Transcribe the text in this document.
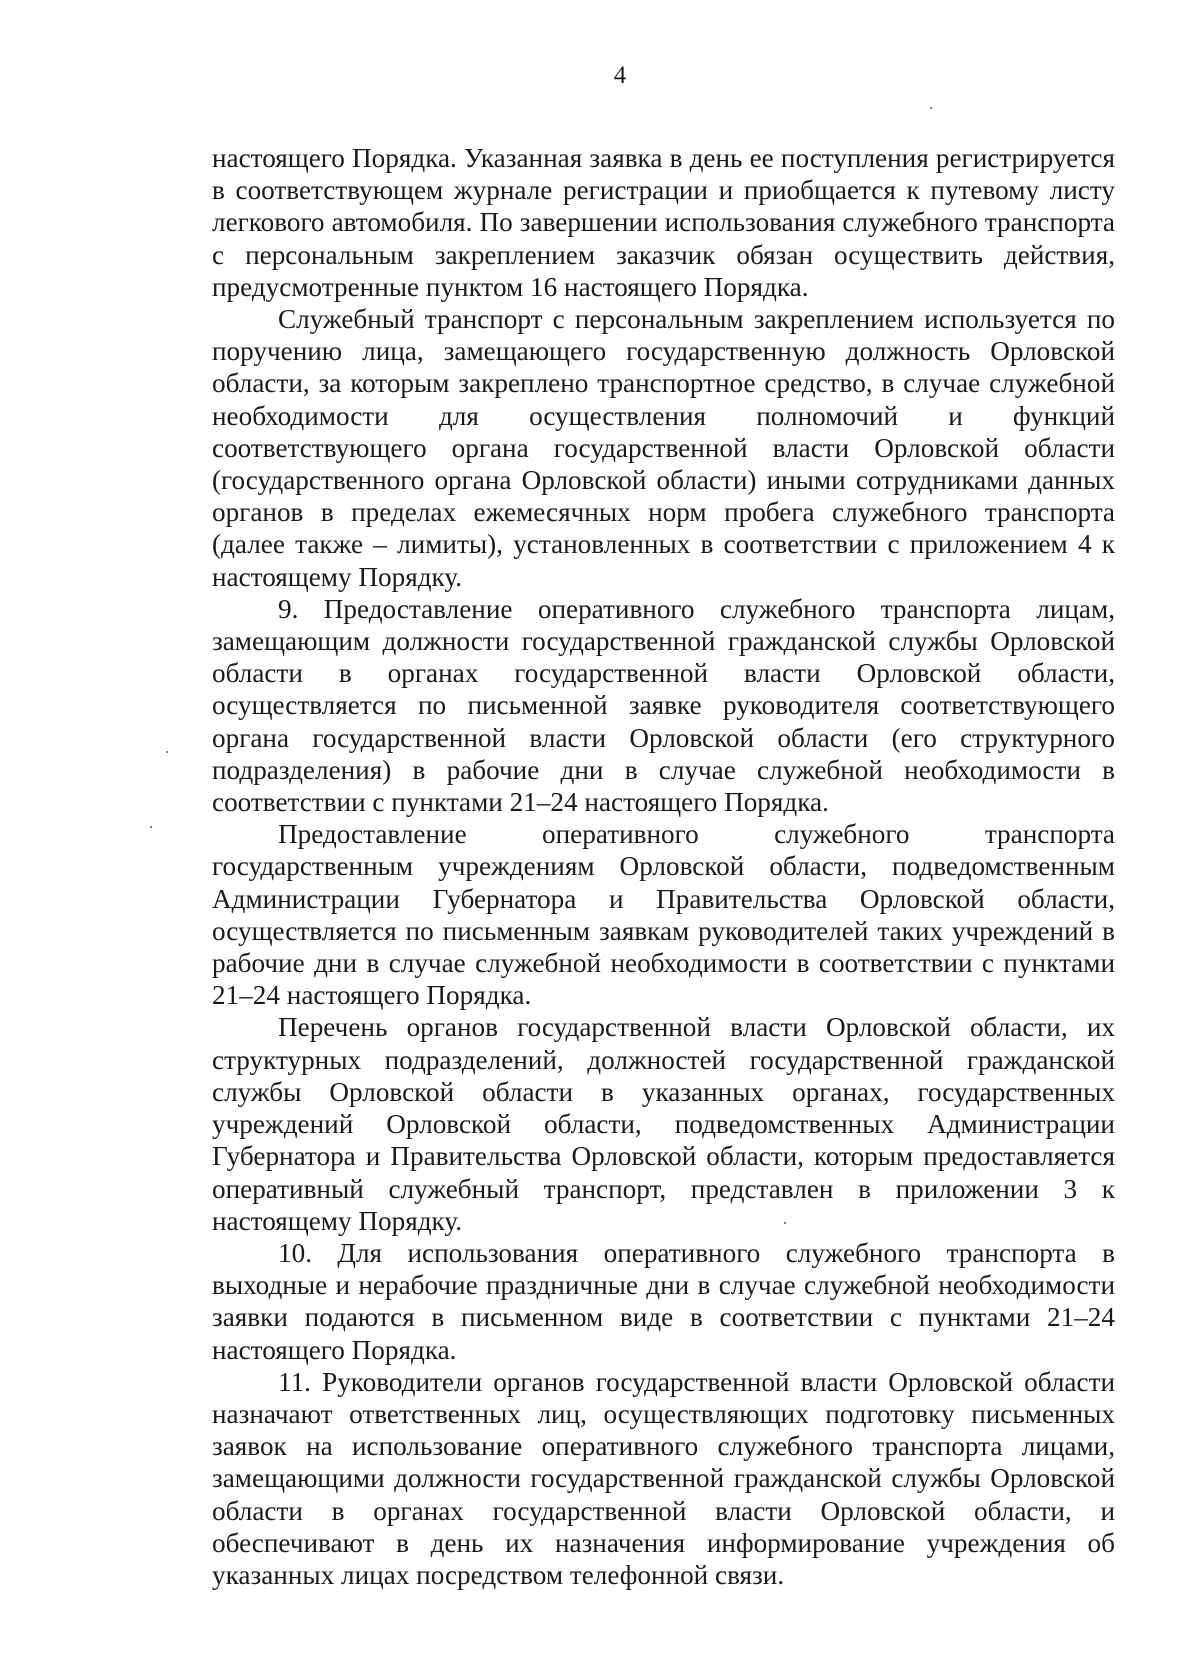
4

настоящего Порядка. Указанная заявка в день ее поступления регистрируется в соответствующем журнале регистрации и приобщается к путевому листу легкового автомобиля. По завершении использования служебного транспорта с персональным закреплением заказчик обязан осуществить действия, предусмотренные пунктом 16 настоящего Порядка.

Служебный транспорт с персональным закреплением используется по поручению лица, замещающего государственную должность Орловской области, за которым закреплено транспортное средство, в случае служебной необходимости для осуществления полномочий и функций соответствующего органа государственной власти Орловской области (государственного органа Орловской области) иными сотрудниками данных органов в пределах ежемесячных норм пробега служебного транспорта (далее также – лимиты), установленных в соответствии с приложением 4 к настоящему Порядку.

9. Предоставление оперативного служебного транспорта лицам, замещающим должности государственной гражданской службы Орловской области в органах государственной власти Орловской области, осуществляется по письменной заявке руководителя соответствующего органа государственной власти Орловской области (его структурного подразделения) в рабочие дни в случае служебной необходимости в соответствии с пунктами 21–24 настоящего Порядка.

Предоставление оперативного служебного транспорта государственным учреждениям Орловской области, подведомственным Администрации Губернатора и Правительства Орловской области, осуществляется по письменным заявкам руководителей таких учреждений в рабочие дни в случае служебной необходимости в соответствии с пунктами 21–24 настоящего Порядка.

Перечень органов государственной власти Орловской области, их структурных подразделений, должностей государственной гражданской службы Орловской области в указанных органах, государственных учреждений Орловской области, подведомственных Администрации Губернатора и Правительства Орловской области, которым предоставляется оперативный служебный транспорт, представлен в приложении 3 к настоящему Порядку.

10. Для использования оперативного служебного транспорта в выходные и нерабочие праздничные дни в случае служебной необходимости заявки подаются в письменном виде в соответствии с пунктами 21–24 настоящего Порядка.

11. Руководители органов государственной власти Орловской области назначают ответственных лиц, осуществляющих подготовку письменных заявок на использование оперативного служебного транспорта лицами, замещающими должности государственной гражданской службы Орловской области в органах государственной власти Орловской области, и обеспечивают в день их назначения информирование учреждения об указанных лицах посредством телефонной связи.
